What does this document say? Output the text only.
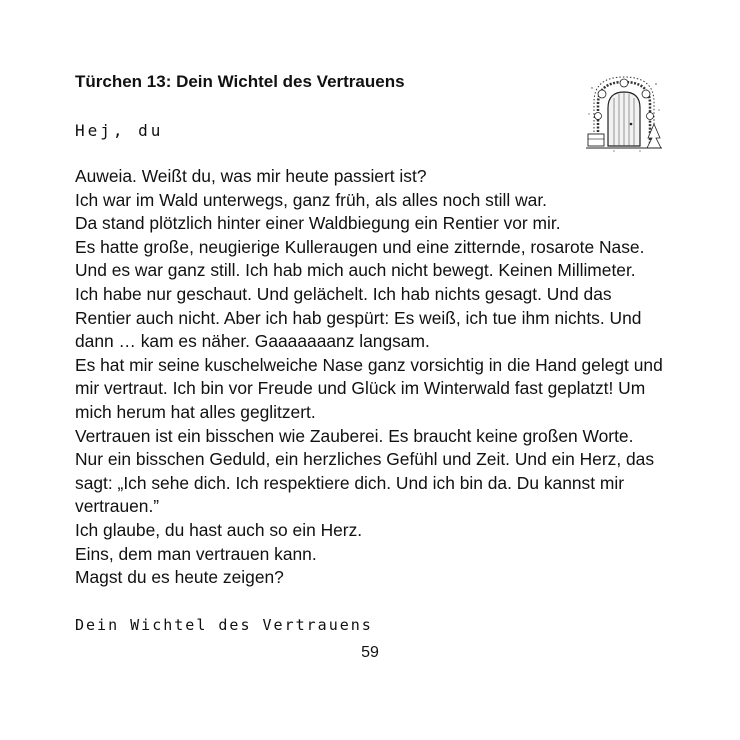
Türchen 13: Dein Wichtel des Vertrauens
Hej, du
Auweia. Weißt du, was mir heute passiert ist?
Ich war im Wald unterwegs, ganz früh, als alles noch still war.
Da stand plötzlich hinter einer Waldbiegung ein Rentier vor mir.
Es hatte große, neugierige Kulleraugen und eine zitternde, rosarote Nase.
Und es war ganz still. Ich hab mich auch nicht bewegt. Keinen Millimeter.
Ich habe nur geschaut. Und gelächelt. Ich hab nichts gesagt. Und das
Rentier auch nicht. Aber ich hab gespürt: Es weiß, ich tue ihm nichts. Und
dann … kam es näher. Gaaaaaaanz langsam.
Es hat mir seine kuschelweiche Nase ganz vorsichtig in die Hand gelegt und
mir vertraut. Ich bin vor Freude und Glück im Winterwald fast geplatzt! Um
mich herum hat alles geglitzert.
Vertrauen ist ein bisschen wie Zauberei. Es braucht keine großen Worte.
Nur ein bisschen Geduld, ein herzliches Gefühl und Zeit. Und ein Herz, das
sagt: „Ich sehe dich. Ich respektiere dich. Und ich bin da. Du kannst mir
vertrauen.”
Ich glaube, du hast auch so ein Herz.
Eins, dem man vertrauen kann.
Magst du es heute zeigen?
Dein Wichtel des Vertrauens
59
